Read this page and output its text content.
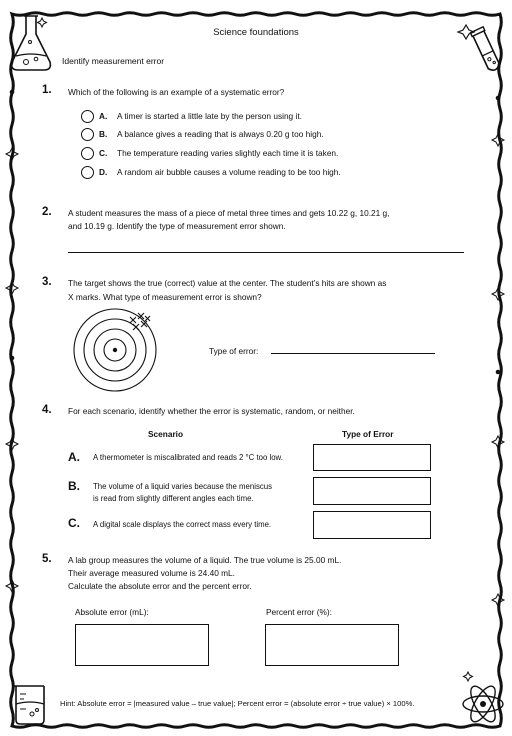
Science foundations
Identify measurement error
1. Which of the following is an example of a systematic error?
A. A timer is started a little late by the person using it.
B. A balance gives a reading that is always 0.20 g too high.
C. The temperature reading varies slightly each time it is taken.
D. A random air bubble causes a volume reading to be too high.
2. A student measures the mass of a piece of metal three times and gets 10.22 g, 10.21 g,
and 10.19 g. Identify the type of measurement error shown.
3. The target shows the true (correct) value at the center. The student’s hits are shown as
X marks. What type of measurement error is shown?
Type of error:
4. For each scenario, identify whether the error is systematic, random, or neither.
Scenario	Type of Error
A. A thermometer is miscalibrated and reads 2 °C too low.
B. The volume of a liquid varies because the meniscus
is read from slightly different angles each time.
C. A digital scale displays the correct mass every time.
5. A lab group measures the volume of a liquid. The true volume is 25.00 mL.
Their average measured volume is 24.40 mL.
Calculate the absolute error and the percent error.
Absolute error (mL):	Percent error (%):
Hint: Absolute error = |measured value – true value|; Percent error = (absolute error ÷ true value) × 100%.
